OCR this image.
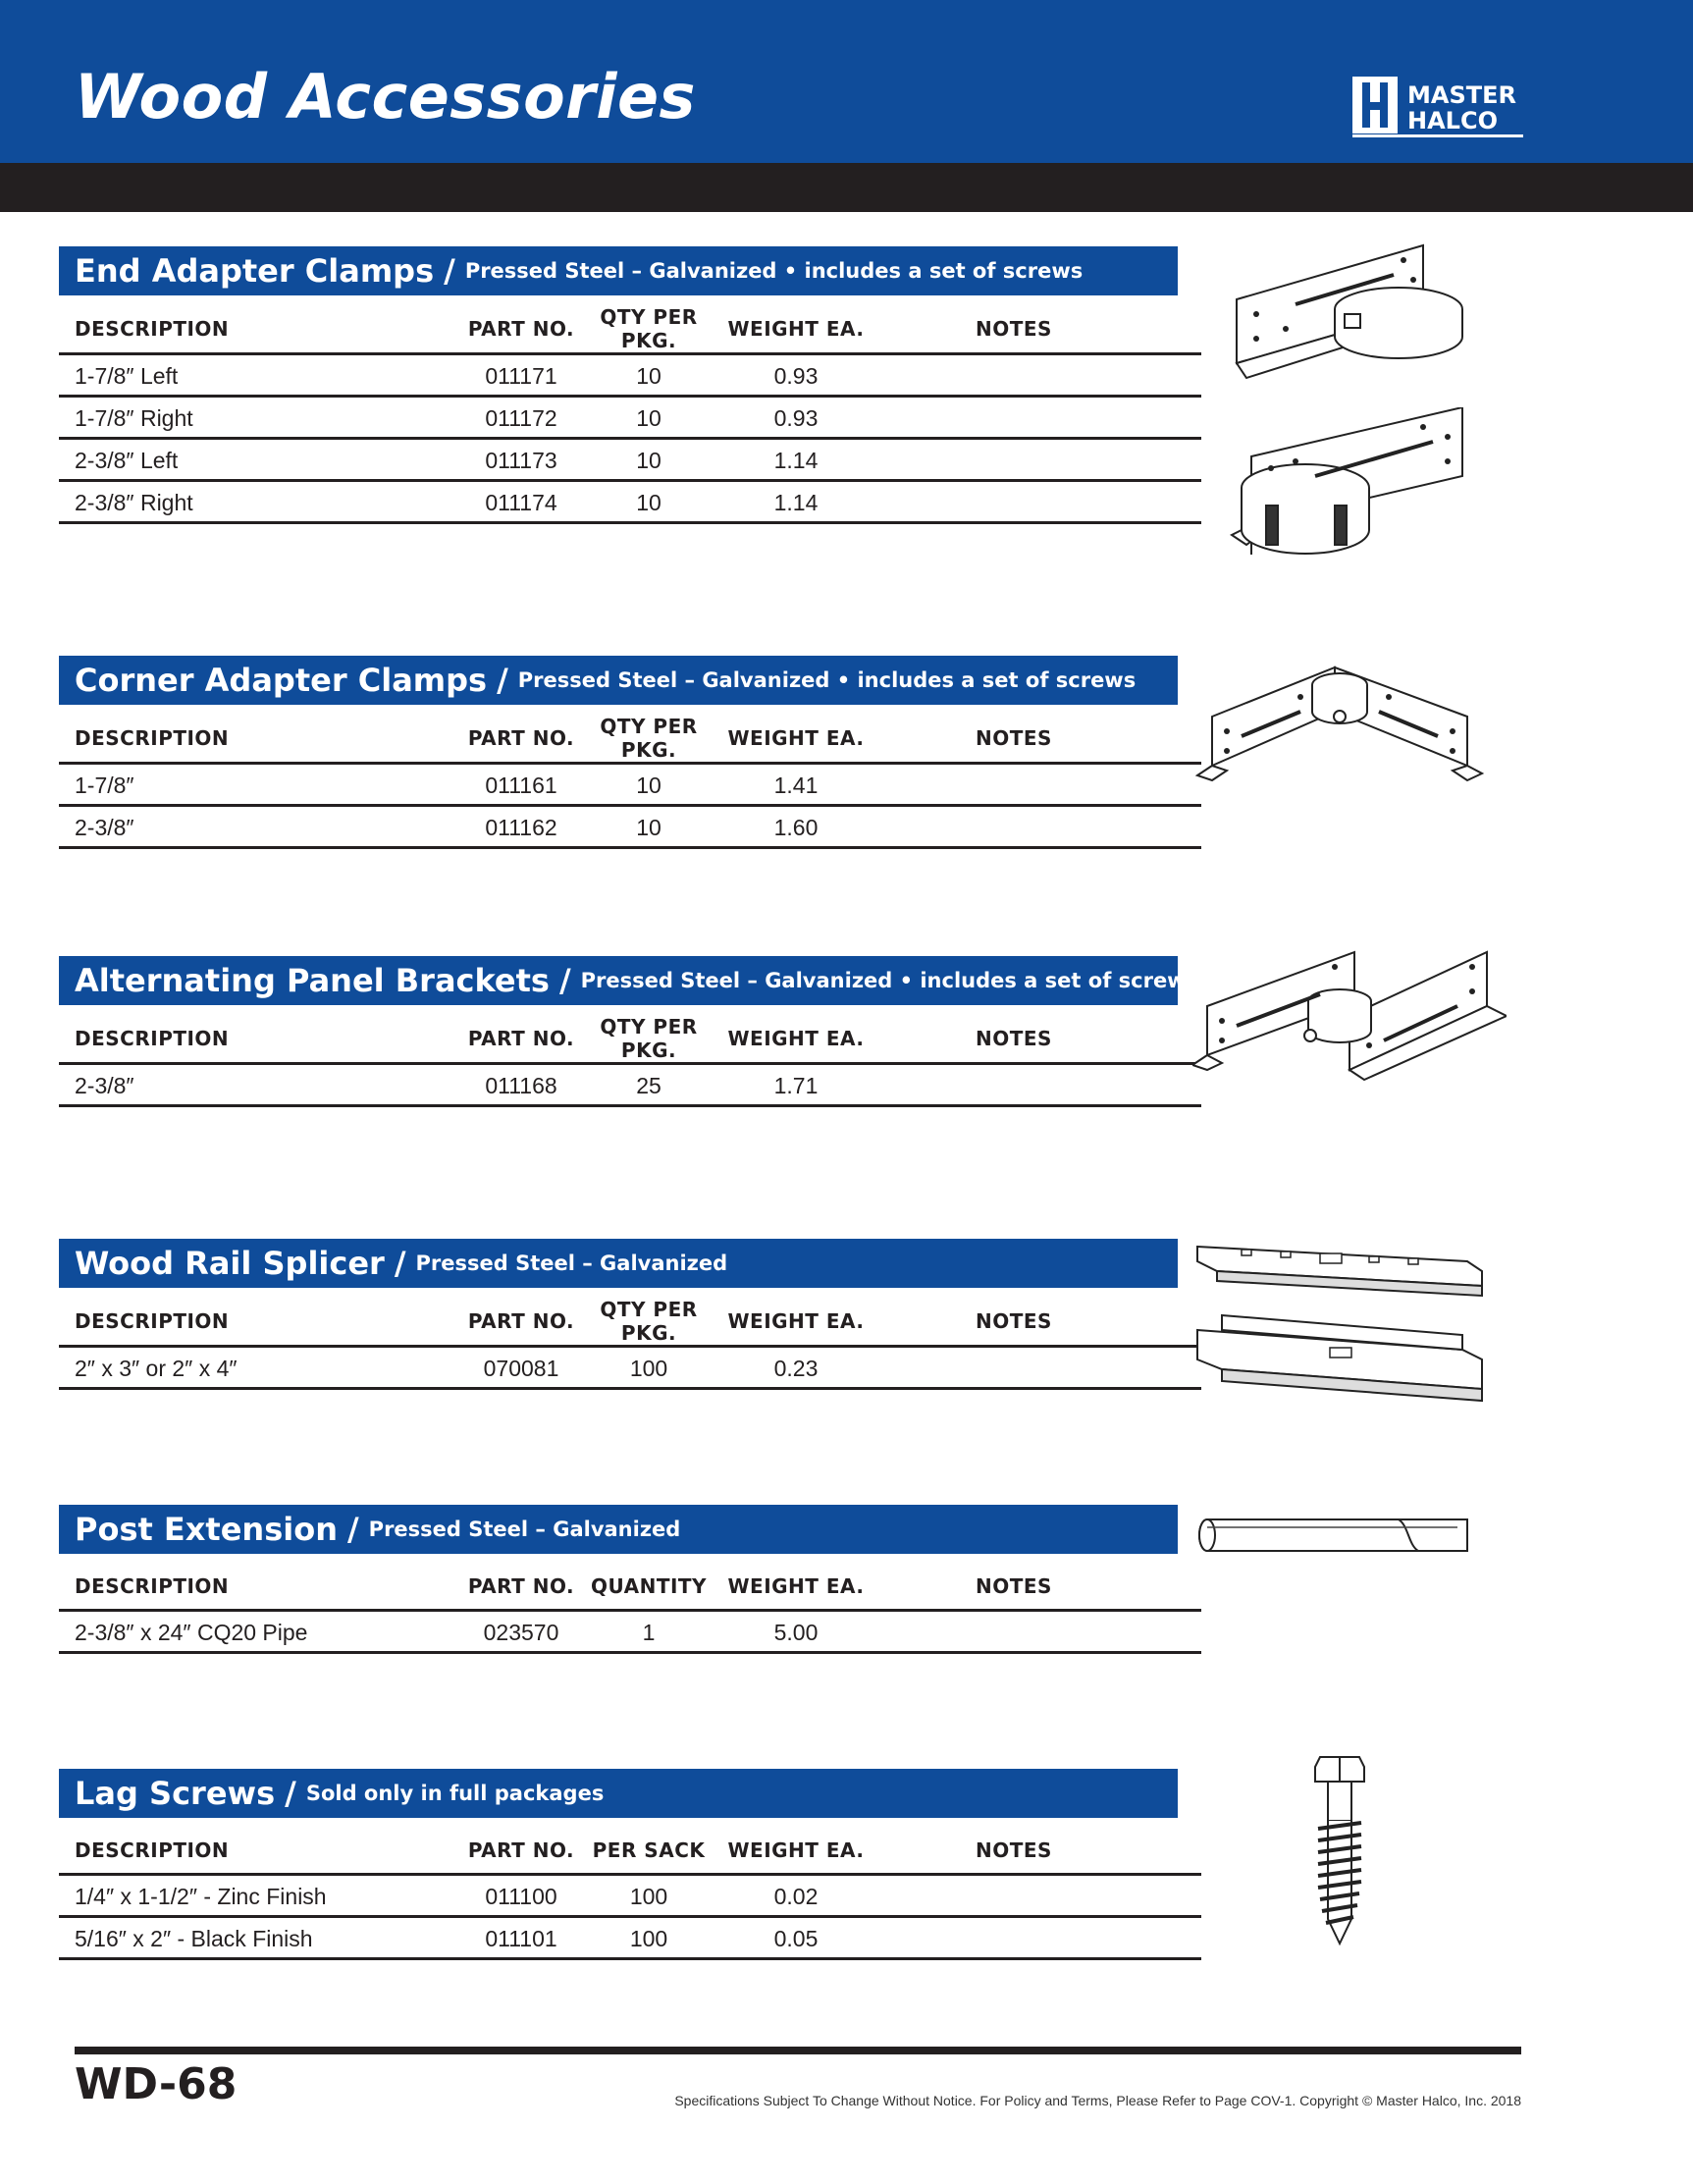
Wood Accessories	MASTER
HALCO
End Adapter Clamps / Pressed Steel – Galvanized • includes a set of screws
DESCRIPTION	PART NO.	QTY PER PKG.	WEIGHT EA.	NOTES
1-7/8″ Left	011171	10	0.93	
1-7/8″ Right	011172	10	0.93	
2-3/8″ Left	011173	10	1.14	
2-3/8″ Right	011174	10	1.14	
Corner Adapter Clamps / Pressed Steel – Galvanized • includes a set of screws
DESCRIPTION	PART NO.	QTY PER PKG.	WEIGHT EA.	NOTES
1-7/8″	011161	10	1.41	
2-3/8″	011162	10	1.60	
Alternating Panel Brackets / Pressed Steel – Galvanized • includes a set of screws
DESCRIPTION	PART NO.	QTY PER PKG.	WEIGHT EA.	NOTES
2-3/8″	011168	25	1.71	
Wood Rail Splicer / Pressed Steel – Galvanized
DESCRIPTION	PART NO.	QTY PER PKG.	WEIGHT EA.	NOTES
2″ x 3″ or 2″ x 4″	070081	100	0.23	
Post Extension / Pressed Steel – Galvanized
DESCRIPTION	PART NO.	QUANTITY	WEIGHT EA.	NOTES
2-3/8″ x 24″ CQ20 Pipe	023570	1	5.00	
Lag Screws / Sold only in full packages
DESCRIPTION	PART NO.	PER SACK	WEIGHT EA.	NOTES
1/4″ x 1-1/2″ - Zinc Finish	011100	100	0.02	
5/16″ x 2″ - Black Finish	011101	100	0.05	
WD-68	Specifications Subject To Change Without Notice. For Policy and Terms, Please Refer to Page COV-1. Copyright © Master Halco, Inc. 2018
